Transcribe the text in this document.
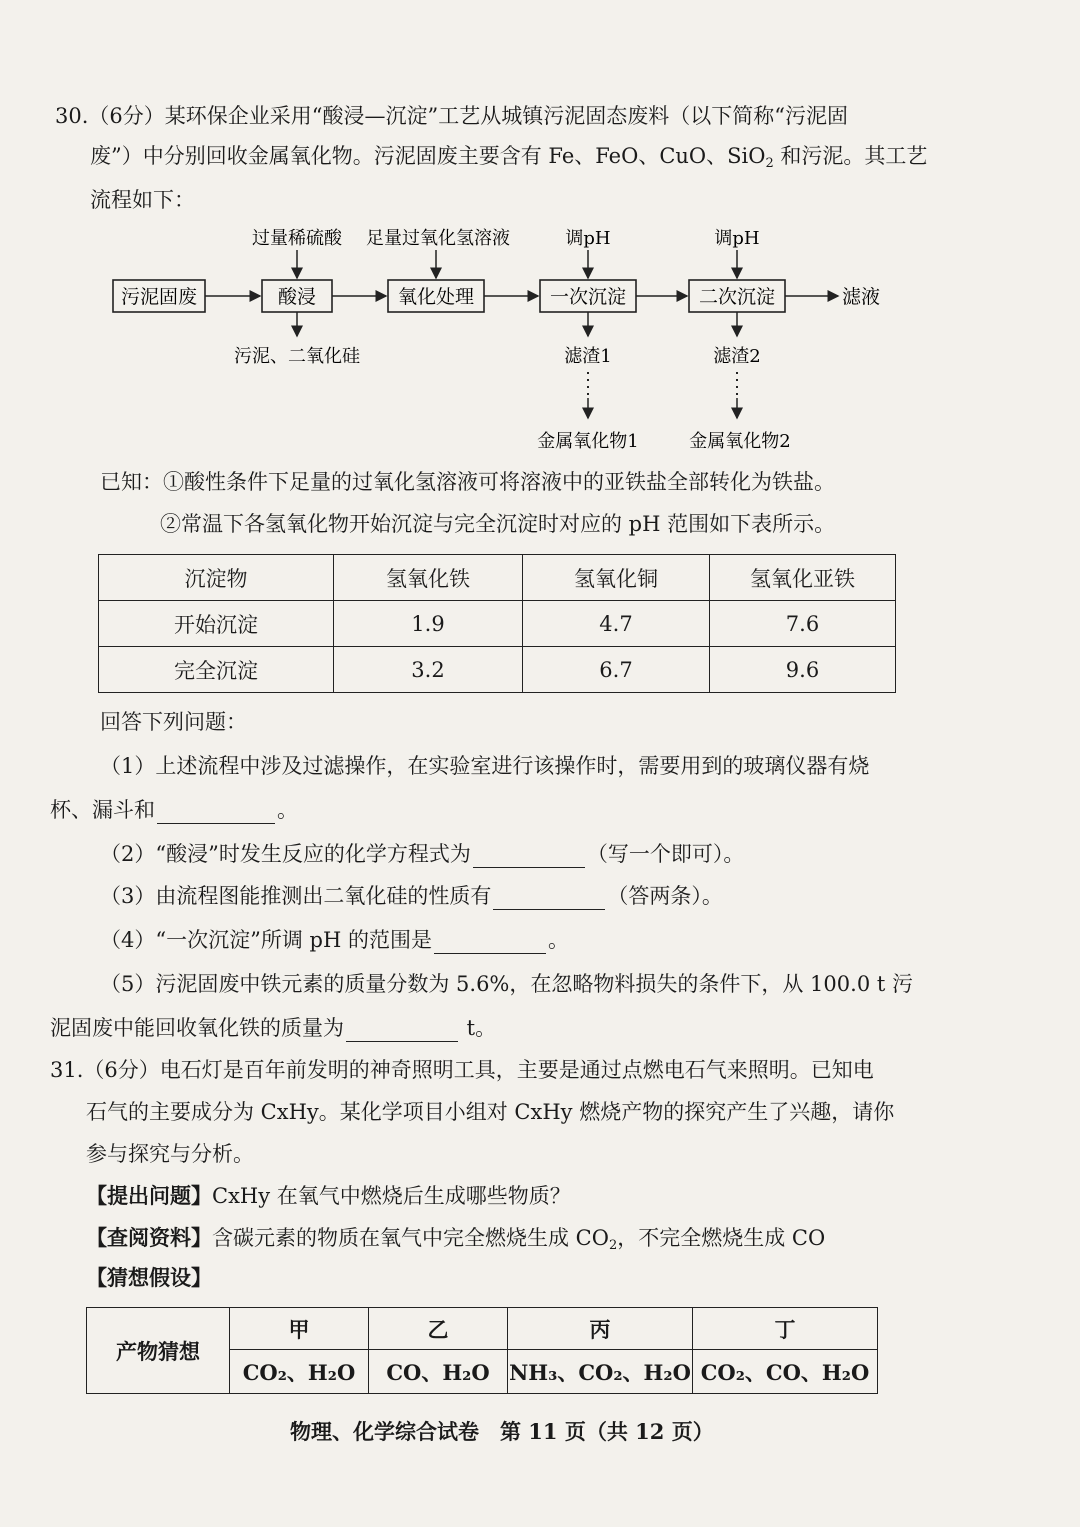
30.（6分）某环保企业采用“酸浸—沉淀”工艺从城镇污泥固态废料（以下简称“污泥固
废”）中分别回收金属氧化物。污泥固废主要含有 Fe、FeO、CuO、SiO$_2$ 和污泥。其工艺
流程如下：
污泥固废	酸浸	氧化处理	一次沉淀	二次沉淀
过量稀硫酸 足量过氧化氢溶液	调pH	调pH
污泥、二氧化硅	滤渣1	滤渣2
滤液
金属氧化物1	金属氧化物2
已知：①酸性条件下足量的过氧化氢溶液可将溶液中的亚铁盐全部转化为铁盐。
②常温下各氢氧化物开始沉淀与完全沉淀时对应的 pH 范围如下表所示。
沉淀物	氢氧化铁	氢氧化铜	氢氧化亚铁
开始沉淀	1.9	4.7	7.6
完全沉淀	3.2	6.7	9.6
回答下列问题：
（1）上述流程中涉及过滤操作，在实验室进行该操作时，需要用到的玻璃仪器有烧
杯、漏斗和	。
（2）“酸浸”时发生反应的化学方程式为	（写一个即可）。
（3）由流程图能推测出二氧化硅的性质有	（答两条）。
（4）“一次沉淀”所调 pH 的范围是	。
（5）污泥固废中铁元素的质量分数为 5.6%，在忽略物料损失的条件下，从 100.0 t 污
泥固废中能回收氧化铁的质量为	t。
31.（6分）电石灯是百年前发明的神奇照明工具，主要是通过点燃电石气来照明。已知电
石气的主要成分为 CxHy。某化学项目小组对 CxHy 燃烧产物的探究产生了兴趣，请你
参与探究与分析。
【提出问题】CxHy 在氧气中燃烧后生成哪些物质？
【查阅资料】含碳元素的物质在氧气中完全燃烧生成 $CO_2$，不完全燃烧生成 CO
【猜想假设】
产物猜想	甲	乙	丙	丁
	CO₂、H₂O	CO、H₂O	NH₃、CO₂、H₂O	CO₂、CO、H₂O
物理、化学综合试卷　第 11 页（共 12 页）
